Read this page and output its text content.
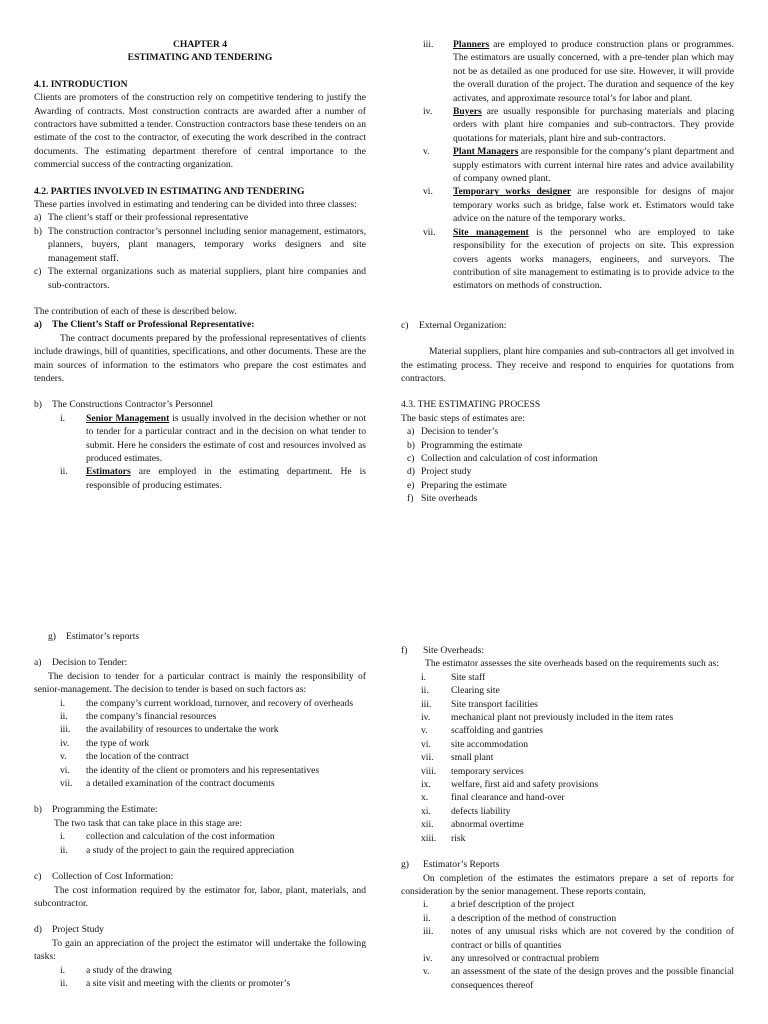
CHAPTER 4
ESTIMATING AND TENDERING
4.1. INTRODUCTION
Clients are promoters of the construction rely on competitive tendering to justify the Awarding of contracts. Most construction contracts are awarded after a number of contractors have submitted a tender. Construction contractors base these tenders on an estimate of the cost to the contractor, of executing the work described in the contract documents. The estimating department therefore of central importance to the commercial success of the contracting organization.
4.2. PARTIES INVOLVED IN ESTIMATING AND TENDERING
These parties involved in estimating and tendering can be divided into three classes:
a) The client’s staff or their professional representative
b) The construction contractor’s personnel including senior management, estimators, planners, buyers, plant managers, temporary works designers and site management staff.
c) The external organizations such as material suppliers, plant hire companies and sub-contractors.
The contribution of each of these is described below.
a)	The Client’s Staff or Professional Representative:
The contract documents prepared by the professional representatives of clients include drawings, bill of quantities, specifications, and other documents. These are the main sources of information to the estimators who prepare the cost estimates and tenders.
b)	The Constructions Contractor’s Personnel
i.	Senior Management is usually involved in the decision whether or not to tender for a particular contract and in the decision on what tender to submit. Here he considers the estimate of cost and resources involved as produced estimates.
ii.	Estimators are employed in the estimating department. He is responsible of producing estimates.
iii.	Planners are employed to produce construction plans or programmes. The estimators are usually concerned, with a pre-tender plan which may not be as detailed as one produced for use site. However, it will provide the overall duration of the project. The duration and sequence of the key activates, and approximate resource total’s for labor and plant.
iv.	Buyers are usually responsible for purchasing materials and placing orders with plant hire companies and sub-contractors. They provide quotations for materials, plant hire and sub-contractors.
v.	Plant Managers are responsible for the company’s plant department and supply estimators with current internal hire rates and advice availability of company owned plant.
vi.	Temporary works designer are responsible for designs of major temporary works such as bridge, false work et. Estimators would take advice on the nature of the temporary works.
vii.	Site management is the personnel who are employed to take responsibility for the execution of projects on site. This expression covers agents works managers, engineers, and surveyors. The contribution of site management to estimating is to provide advice to the estimators on methods of construction.
c)	External Organization:
Material suppliers, plant hire companies and sub-contractors all get involved in the estimating process. They receive and respond to enquiries for quotations from contractors.
4.3. THE ESTIMATING PROCESS
The basic steps of estimates are:
a) Decision to tender’s
b) Programming the estimate
c) Collection and calculation of cost information
d) Project study
e) Preparing the estimate
f) Site overheads
g)	Estimator’s reports
a)	Decision to Tender:
The decision to tender for a particular contract is mainly the responsibility of senior-management. The decision to tender is based on such factors as:
i.	the company’s current workload, turnover, and recovery of overheads
ii.	the company’s financial resources
iii.	the availability of resources to undertake the work
iv.	the type of work
v.	the location of the contract
vi.	the identity of the client or promoters and his representatives
vii.	a detailed examination of the contract documents
b)	Programming the Estimate:
The two task that can take place in this stage are:
i.	collection and calculation of the cost information
ii.	a study of the project to gain the required appreciation
c)	Collection of Cost Information:
The cost information required by the estimator for, labor, plant, materials, and subcontractor.
d)	Project Study
To gain an appreciation of the project the estimator will undertake the following tasks:
i.	a study of the drawing
ii.	a site visit and meeting with the clients or promoter’s
f)	Site Overheads:
The estimator assesses the site overheads based on the requirements such as:
i.	Site staff
ii.	Clearing site
iii.	Site transport facilities
iv.	mechanical plant not previously included in the item rates
v.	scaffolding and gantries
vi.	site accommodation
vii.	small plant
viii.	temporary services
ix.	welfare, first aid and safety provisions
x.	final clearance and hand-over
xi.	defects liability
xii.	abnormal overtime
xiii.	risk
g)	Estimator’s Reports
On completion of the estimates the estimators prepare a set of reports for consideration by the senior management. These reports contain,
i.	a brief description of the project
ii.	a description of the method of construction
iii.	notes of any unusual risks which are not covered by the condition of contract or bills of quantities
iv.	any unresolved or contractual problem
v.	an assessment of the state of the design proves and the possible financial consequences thereof
